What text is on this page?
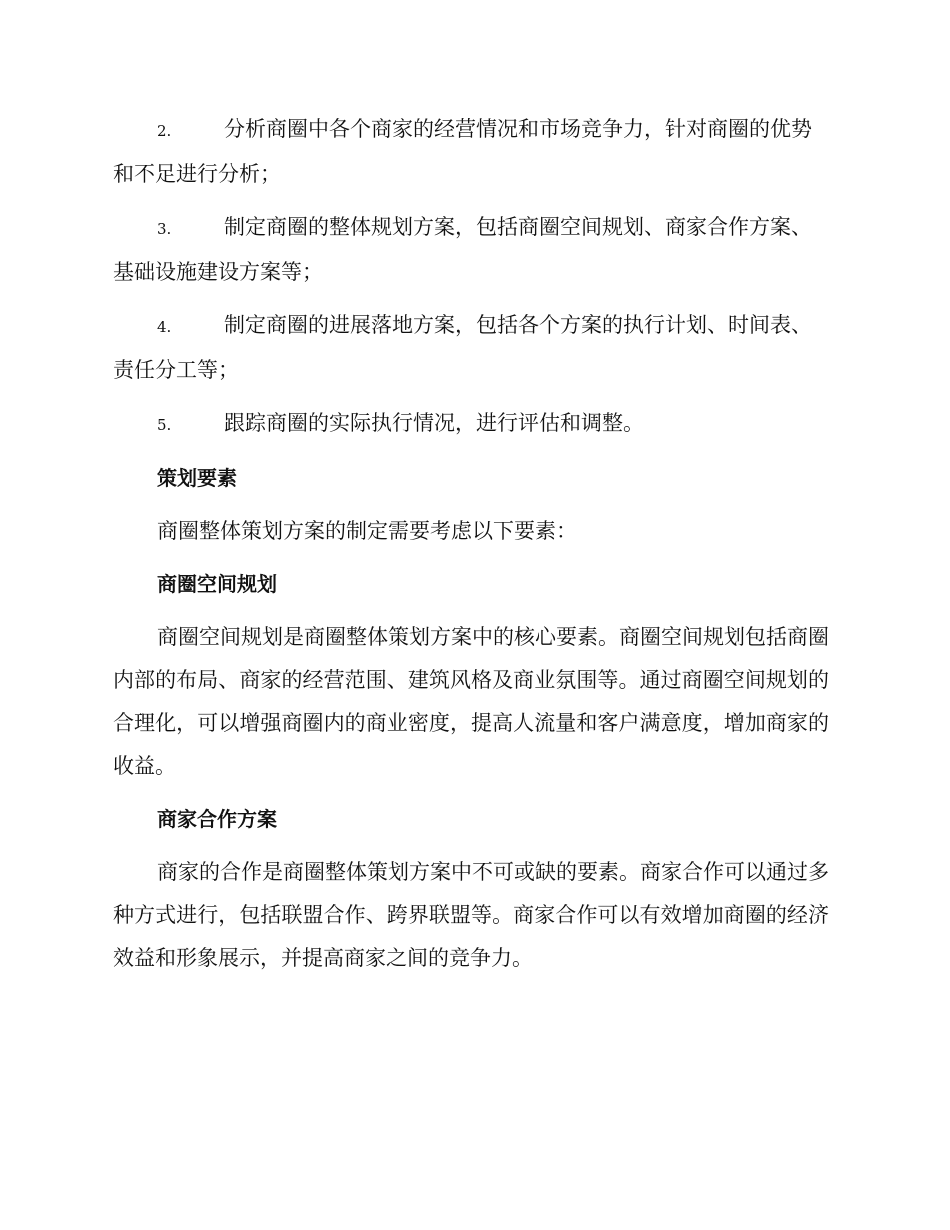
2.	分析商圈中各个商家的经营情况和市场竞争力，针对商圈的优势和不足进行分析；
3.	制定商圈的整体规划方案，包括商圈空间规划、商家合作方案、基础设施建设方案等；
4.	制定商圈的进展落地方案，包括各个方案的执行计划、时间表、责任分工等；
5.	跟踪商圈的实际执行情况，进行评估和调整。
策划要素
商圈整体策划方案的制定需要考虑以下要素：
商圈空间规划
商圈空间规划是商圈整体策划方案中的核心要素。商圈空间规划包括商圈内部的布局、商家的经营范围、建筑风格及商业氛围等。通过商圈空间规划的合理化，可以增强商圈内的商业密度，提高人流量和客户满意度，增加商家的收益。
商家合作方案
商家的合作是商圈整体策划方案中不可或缺的要素。商家合作可以通过多种方式进行，包括联盟合作、跨界联盟等。商家合作可以有效增加商圈的经济效益和形象展示，并提高商家之间的竞争力。
